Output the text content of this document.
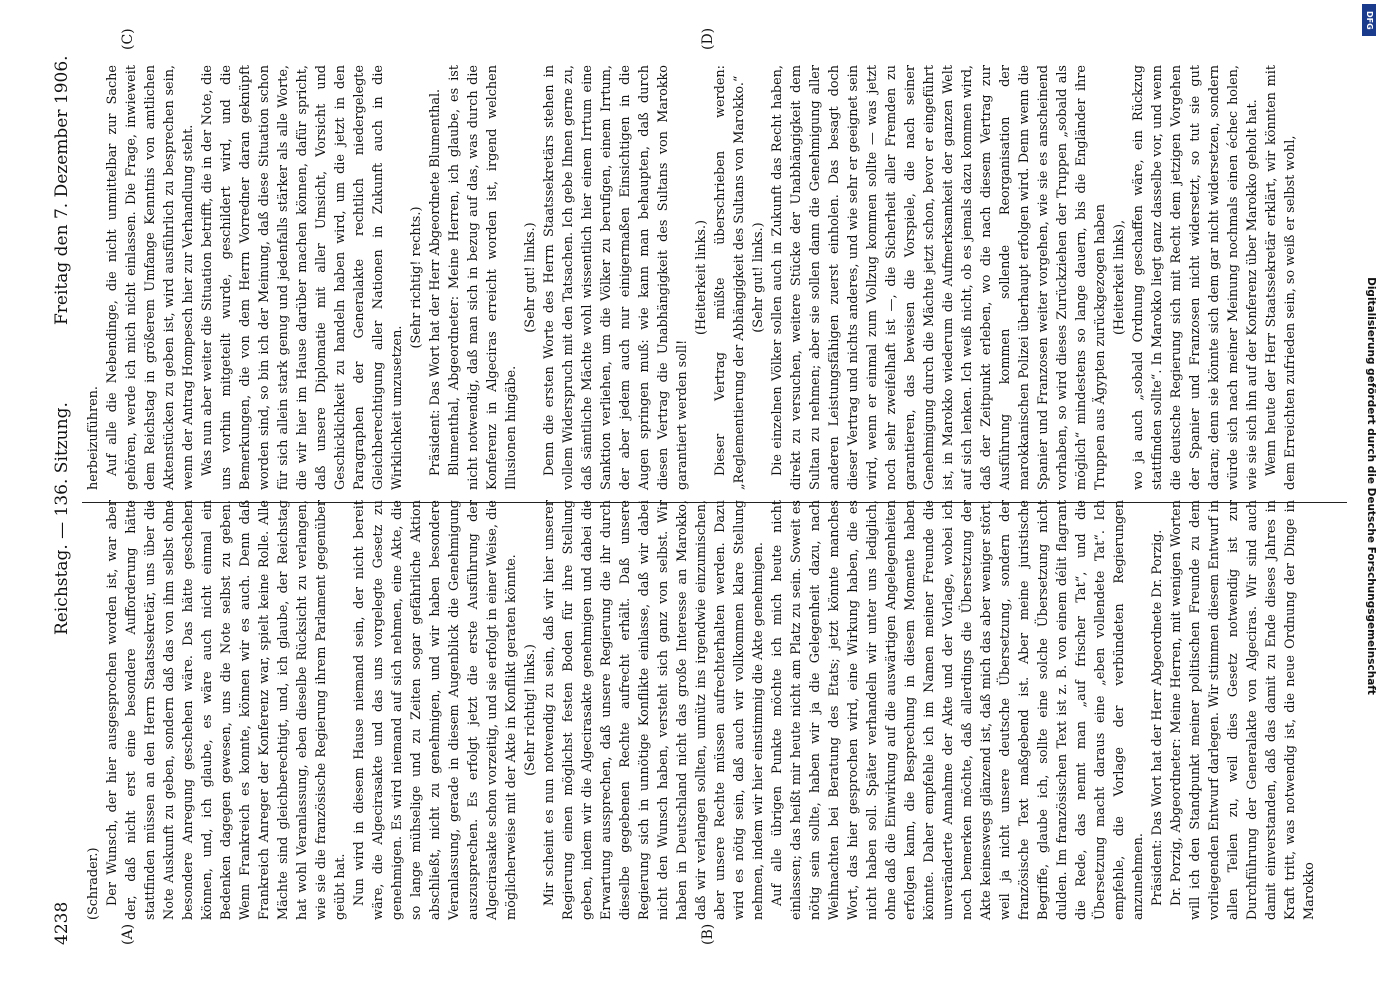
4238
Reichstag. — 136. Sitzung.
Freitag den 7. Dezember 1906.
(A)	(B)
(C)	(D)

(Schrader.) Der Wunsch, der hier ausgesprochen worden ist, war aber der, daß nicht erst eine besondere Aufforderung hätte stattfinden müssen an den Herrn Staatssekretär, uns über die Note Auskunft zu geben, sondern daß das von ihm selbst ohne besondere Anregung geschehen wäre. Das hätte geschehen können, und, ich glaube, es wäre auch nicht einmal ein Bedenken dagegen gewesen, uns die Note selbst zu geben. Wenn Frankreich es konnte, können wir es auch. Denn daß Frankreich Anreger der Konferenz war, spielt keine Rolle. Alle Mächte sind gleichberechtigt, und, ich glaube, der Reichstag hat wohl Veranlassung, eben dieselbe Rücksicht zu verlangen, wie sie die französische Regierung ihrem Parlament gegenüber geübt hat. Nun wird in diesem Hause niemand sein, der nicht bereit wäre, die Algecirasakte und das uns vorgelegte Gesetz zu genehmigen. Es wird niemand auf sich nehmen, eine Akte, die so lange mühselige und zu Zeiten sogar gefährliche Aktion abschließt, nicht zu genehmigen, und wir haben besondere Veranlassung, gerade in diesem Augenblick die Genehmigung auszusprechen. Es erfolgt jetzt die erste Ausführung der Algecirasakte schon vorzeitig, und sie erfolgt in einer Weise, die möglicherweise mit der Akte in Konflikt geraten könnte. (Sehr richtig! links.) Mir scheint es nun notwendig zu sein, daß wir hier unserer Regierung einen möglichst festen Boden für ihre Stellung geben, indem wir die Algecirasakte genehmigen und dabei die Erwartung aussprechen, daß unsere Regierung die ihr durch dieselbe gegebenen Rechte aufrecht erhält. Daß unsere Regierung sich in unnötige Konflikte einlasse, daß wir dabei nicht den Wunsch haben, versteht sich ganz von selbst. Wir haben in Deutschland nicht das große Interesse an Marokko, daß wir verlangen sollten, unnütz ins irgendwie einzumischen, aber unsere Rechte müssen aufrechterhalten werden. Dazu wird es nötig sein, daß auch wir vollkommen klare Stellung nehmen, indem wir hier einstimmig die Akte genehmigen. Auf alle übrigen Punkte möchte ich mich heute nicht einlassen; das heißt mir heute nicht am Platz zu sein. Soweit es nötig sein sollte, haben wir ja die Gelegenheit dazu, nach Weihnachten bei Beratung des Etats; jetzt könnte manches Wort, das hier gesprochen wird, eine Wirkung haben, die es nicht haben soll. Später verhandeln wir unter uns lediglich, ohne daß die Einwirkung auf die auswärtigen Angelegenheiten erfolgen kann, die Besprechung in diesem Momente haben könnte. Daher empfehle ich im Namen meiner Freunde die unveränderte Annahme der Akte und der Vorlage, wobei ich noch bemerken möchte, daß allerdings die Übersetzung der Akte keineswegs glänzend ist, daß mich das aber weniger stört, weil ja nicht unsere deutsche Übersetzung, sondern der französische Text maßgebend ist. Aber meine juristische Begriffe, glaube ich, sollte eine solche Übersetzung nicht dulden. Im französischen Text ist z. B. von einem délit flagrant die Rede, das nennt man „auf frischer Tat“, und die Übersetzung macht daraus eine „eben vollendete Tat“. Ich empfehle, die Vorlage der verbündeten Regierungen anzunehmen. Präsident: Das Wort hat der Herr Abgeordnete Dr. Porzig. Dr. Porzig, Abgeordneter: Meine Herren, mit wenigen Worten will ich den Standpunkt meiner politischen Freunde zu dem vorliegenden Entwurf darlegen. Wir stimmen diesem Entwurf in allen Teilen zu, weil dies Gesetz notwendig ist zur Durchführung der Generalakte von Algeciras. Wir sind auch damit einverstanden, daß das damit zu Ende dieses Jahres in Kraft tritt, was notwendig ist, die neue Ordnung der Dinge in Marokko

herbeizuführen. Auf alle die Nebendinge, die nicht unmittelbar zur Sache gehören, werde ich mich nicht einlassen. Die Frage, inwieweit dem Reichstag in größerem Umfange Kenntnis von amtlichen Aktenstücken zu geben ist, wird ausführlich zu besprechen sein, wenn der Antrag Hompesch hier zur Verhandlung steht. Was nun aber weiter die Situation betrifft, die in der Note, die uns vorhin mitgeteilt wurde, geschildert wird, und die Bemerkungen, die von dem Herrn Vorredner daran geknüpft worden sind, so bin ich der Meinung, daß diese Situation schon für sich allein stark genug und jedenfalls stärker als alle Worte, die wir hier im Hause darüber machen können, dafür spricht, daß unsere Diplomatie mit aller Umsicht, Vorsicht und Geschicklichkeit zu handeln haben wird, um die jetzt in den Paragraphen der Generalakte rechtlich niedergelegte Gleichberechtigung aller Nationen in Zukunft auch in die Wirklichkeit umzusetzen.

(Sehr richtig! rechts.) Präsident: Das Wort hat der Herr Abgeordnete Blumenthal. Blumenthal, Abgeordneter: Meine Herren, ich glaube, es ist nicht notwendig, daß man sich in bezug auf das, was durch die Konferenz in Algeciras erreicht worden ist, irgend welchen Illusionen hingäbe.

(Sehr gut! links.) Denn die ersten Worte des Herrn Staatssekretärs stehen in vollem Widerspruch mit den Tatsachen. Ich gebe Ihnen gerne zu, daß sämtliche Mächte wohl wissentlich hier einem Irrtum eine Sanktion verliehen, um die Völker zu berufigen, einem Irrtum, der aber jedem auch nur einigermaßen Einsichtigen in die Augen springen muß: wie kann man behaupten, daß durch diesen Vertrag die Unabhängigkeit des Sultans von Marokko garantiert werden soll!

(Heiterkeit links.) Dieser Vertrag müßte überschrieben werden: „Reglementierung der Abhängigkeit des Sultans von Marokko.“ (Sehr gut! links.) Die einzelnen Völker sollen auch in Zukunft das Recht haben, direkt zu versuchen, weitere Stücke der Unabhängigkeit dem Sultan zu nehmen; aber sie sollen dann die Genehmigung aller anderen Leistungsfähigen zuerst einholen. Das besagt doch dieser Vertrag und nichts anderes, und wie sehr er geeignet sein wird, wenn er einmal zum Vollzug kommen sollte — was jetzt noch sehr zweifelhaft ist —, die Sicherheit aller Fremden zu garantieren, das beweisen die Vorspiele, die nach seiner Genehmigung durch die Mächte jetzt schon, bevor er eingeführt ist, in Marokko wiederum die Aufmerksamkeit der ganzen Welt auf sich lenken. Ich weiß nicht, ob es jemals dazu kommen wird, daß der Zeitpunkt erleben, wo die nach diesem Vertrag zur Ausführung kommen sollende Reorganisation der marokkanischen Polizei überhaupt erfolgen wird. Denn wenn die Spanier und Franzosen weiter vorgehen, wie sie es anscheinend vorhaben, so wird dieses Zurückziehen der Truppen „sobald als möglich“ mindestens so lange dauern, bis die Engländer ihre Truppen aus Ägypten zurückgezogen haben (Heiterkeit links), wo ja auch „sobald Ordnung geschaffen wäre, ein Rückzug stattfinden sollte“. In Marokko liegt ganz dasselbe vor, und wenn die deutsche Regierung sich mit Recht dem jetzigen Vorgehen der Spanier und Franzosen nicht widersetzt, so tut sie gut daran; denn sie könnte sich dem gar nicht widersetzen, sondern würde sich nach meiner Meinung nochmals einen échec holen, wie sie sich ihn auf der Konferenz über Marokko geholt hat. Wenn heute der Herr Staatssekretär erklärt, wir könnten mit dem Erreichten zufrieden sein, so weiß er selbst wohl,

DFG
Digitalisierung gefördert durch die Deutsche Forschungsgemeinschaft
